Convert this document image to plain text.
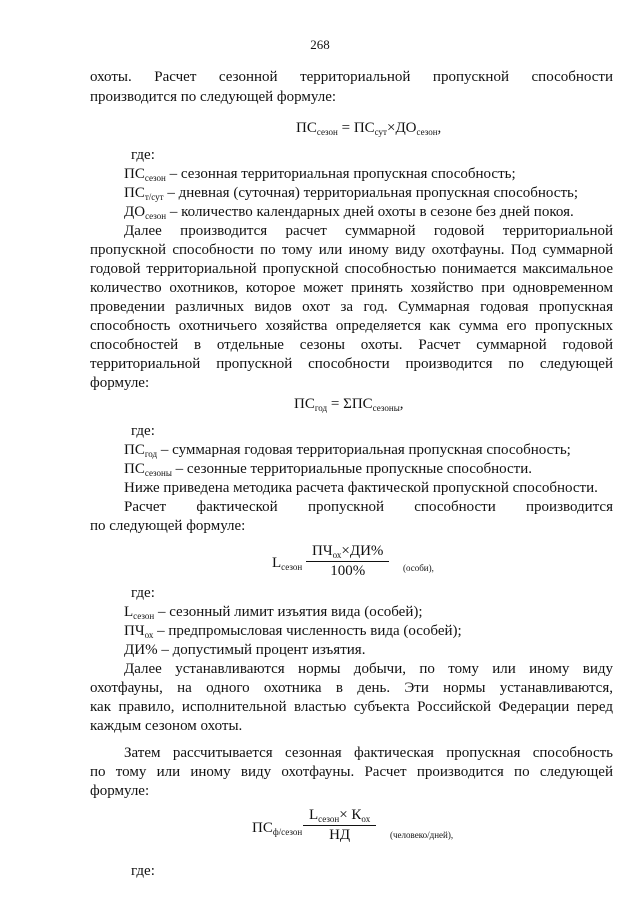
268
охоты. Расчет сезонной территориальной пропускной способности
производится по следующей формуле:
$ПС_{сезон} = ПС_{сут}\times ДО_{сезон}$,
где:
$ПС_{сезон}$ – сезонная территориальная пропускная способность;
$ПС_{т/сут}$ – дневная (суточная) территориальная пропускная способность;
$ДО_{сезон}$ – количество календарных дней охоты в сезоне без дней покоя.
Далее производится расчет суммарной годовой территориальной
пропускной способности по тому или иному виду охотфауны. Под суммарной
годовой территориальной пропускной способностью понимается максимальное
количество охотников, которое может принять хозяйство при одновременном
проведении различных видов охот за год. Суммарная годовая пропускная
способность охотничьего хозяйства определяется как сумма его пропускных
способностей в отдельные сезоны охоты. Расчет суммарной годовой
территориальной пропускной способности производится по следующей
формуле:
$ПС_{год} = \Sigma ПС_{сезоны}$,
где:
$ПС_{год}$ – суммарная годовая территориальная пропускная способность;
$ПС_{сезоны}$ – сезонные территориальные пропускные способности.
Ниже приведена методика расчета фактической пропускной способности.
Расчет фактической пропускной способности производится
по следующей формуле:
$L_{сезон}$
$ПЧ_{ох}\times ДИ\%$
100%	(особи),
где:
$L_{сезон}$ – сезонный лимит изъятия вида (особей);
$ПЧ_{ох}$ – предпромысловая численность вида (особей);
ДИ% – допустимый процент изъятия.
Далее устанавливаются нормы добычи, по тому или иному виду
охотфауны, на одного охотника в день. Эти нормы устанавливаются,
как правило, исполнительной властью субъекта Российской Федерации перед
каждым сезоном охоты.
Затем рассчитывается сезонная фактическая пропускная способность
по тому или иному виду охотфауны. Расчет производится по следующей
формуле:
$ПС_{ф/сезон}$
$L_{сезон}\times К_{ох}$
НД	(человеко/дней),
где:
